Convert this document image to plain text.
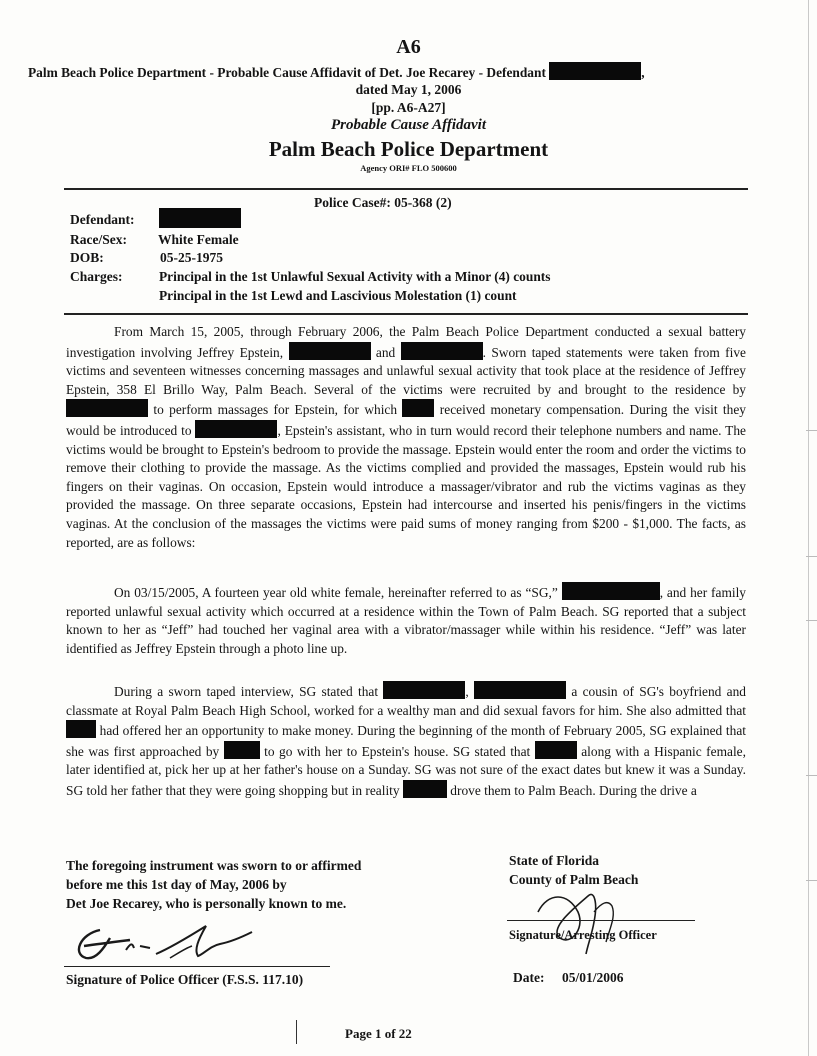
A6
Palm Beach Police Department - Probable Cause Affidavit of Det. Joe Recarey - Defendant	,
dated May 1, 2006
[pp. A6-A27]
Probable Cause Affidavit
Palm Beach Police Department
Agency ORI# FLO 500600
Police Case#: 05-368 (2)
Defendant:
Race/Sex: White Female
DOB:	05-25-1975
Charges:	Principal in the 1st Unlawful Sexual Activity with a Minor (4) counts
Principal in the 1st Lewd and Lascivious Molestation (1) count
From March 15, 2005, through February 2006, the Palm Beach Police Department conducted a sexual battery investigation involving Jeffrey Epstein,	and	. Sworn taped statements were taken from five victims and seventeen witnesses concerning massages and unlawful sexual activity that took place at the residence of Jeffrey Epstein, 358 El Brillo Way, Palm Beach. Several of the victims were recruited by and brought to the residence by  to perform massages for Epstein, for which	received monetary compensation. During the visit they would be introduced to	, Epstein's assistant, who in turn would record their telephone numbers and name. The victims would be brought to Epstein's bedroom to provide the massage. Epstein would enter the room and order the victims to remove their clothing to provide the massage. As the victims complied and provided the massages, Epstein would rub his fingers on their vaginas. On occasion, Epstein would introduce a massager/vibrator and rub the victims vaginas as they provided the massage. On three separate occasions, Epstein had intercourse and inserted his penis/fingers in the victims vaginas. At the conclusion of the massages the victims were paid sums of money ranging from $200 - $1,000. The facts, as reported, are as follows:
On 03/15/2005, A fourteen year old white female, hereinafter referred to as “SG,”	, and her family reported unlawful sexual activity which occurred at a residence within the Town of Palm Beach. SG reported that a subject known to her as “Jeff” had touched her vaginal area with a vibrator/massager while within his residence. “Jeff” was later identified as Jeffrey Epstein through a photo line up.
During a sworn taped interview, SG stated that	,	a cousin of SG's boyfriend and classmate at Royal Palm Beach High School, worked for a wealthy man and did sexual favors for him. She also admitted that  had offered her an opportunity to make money. During the beginning of the month of February 2005, SG explained that she was first approached by	to go with her to Epstein's house. SG stated that	along with a Hispanic female, later identified at, pick her up at her father's house on a Sunday. SG was not sure of the exact dates but knew it was a Sunday. SG told her father that they were going shopping but in reality	drove them to Palm Beach. During the drive a
The foregoing instrument was sworn to or affirmed
before me this 1st day of May, 2006 by
Det Joe Recarey, who is personally known to me.
Signature of Police Officer (F.S.S. 117.10)
State of Florida
County of Palm Beach
Signature/Arresting Officer
Date: 05/01/2006
Page 1 of 22
